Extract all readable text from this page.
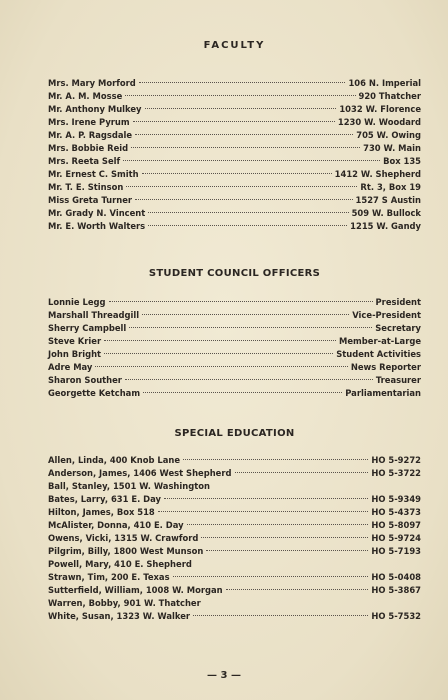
FACULTY
Mrs. Mary Morford	106 N. Imperial
Mr. A. M. Mosse	920 Thatcher
Mr. Anthony Mulkey	1032 W. Florence
Mrs. Irene Pyrum	1230 W. Woodard
Mr. A. P. Ragsdale	705 W. Owing
Mrs. Bobbie Reid	730 W. Main
Mrs. Reeta Self	Box 135
Mr. Ernest C. Smith	1412 W. Shepherd
Mr. T. E. Stinson	Rt. 3, Box 19
Miss Greta Turner	1527 S Austin
Mr. Grady N. Vincent	509 W. Bullock
Mr. E. Worth Walters	1215 W. Gandy
STUDENT COUNCIL OFFICERS
Lonnie Legg	President
Marshall Threadgill	Vice-President
Sherry Campbell	Secretary
Steve Krier	Member-at-Large
John Bright	Student Activities
Adre May	News Reporter
Sharon Souther	Treasurer
Georgette Ketcham	Parliamentarian
SPECIAL EDUCATION
Allen, Linda, 400 Knob Lane	HO 5-9272
Anderson, James, 1406 West Shepherd	HO 5-3722
Ball, Stanley, 1501 W. Washington
Bates, Larry, 631 E. Day	HO 5-9349
Hilton, James, Box 518	HO 5-4373
McAlister, Donna, 410 E. Day	HO 5-8097
Owens, Vicki, 1315 W. Crawford	HO 5-9724
Pilgrim, Billy, 1800 West Munson	HO 5-7193
Powell, Mary, 410 E. Shepherd
Strawn, Tim, 200 E. Texas	HO 5-0408
Sutterfield, William, 1008 W. Morgan	HO 5-3867
Warren, Bobby, 901 W. Thatcher
White, Susan, 1323 W. Walker	HO 5-7532
— 3 —
